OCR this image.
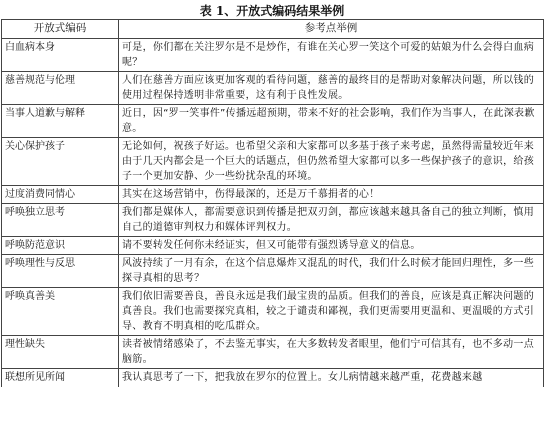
表 1、开放式编码结果举例
开放式编码	参考点举例
白血病本身	可是，你们都在关注罗尔是不是炒作，有谁在关心罗一笑这个可爱的姑娘为什么会得白血病呢？
慈善规范与伦理	人们在慈善方面应该更加客观的看待问题，慈善的最终目的是帮助对象解决问题，所以钱的使用过程保持透明非常重要，这有利于良性发展。
当事人道歉与解释	近日，因“罗一笑事件”传播远超预期，带来不好的社会影响，我们作为当事人，在此深表歉意。
关心保护孩子	无论如何，祝孩子好运。也希望父亲和大家都可以多基于孩子来考虑，虽然得需量较近年来由于几天内都会是一个巨大的话题点，但仍然希望大家都可以多一些保护孩子的意识，给孩子一个更加安静、少一些纷扰杂乱的环境。
过度消费同情心	其实在这场营销中，伤得最深的，还是万千慕捐者的心！
呼唤独立思考	我们都是媒体人，都需要意识到传播是把双刃剑，都应该越来越具备自己的独立判断，慎用自己的道德审判权力和媒体评判权力。
呼唤防范意识	请不要转发任何你未经证实，但又可能带有强烈诱导意义的信息。
呼唤理性与反思	风波持续了一月有余，在这个信息爆炸又混乱的时代，我们什么时候才能回归理性，多一些探寻真相的思考？
呼唤真善美	我们依旧需要善良，善良永远是我们最宝贵的品质。但我们的善良，应该是真正解决问题的真善良。我们也需要探究真相，较之于谴责和鄙视，我们更需要用更温和、更温暖的方式引导、教育不明真相的吃瓜群众。
理性缺失	读者被情绪感染了，不去鉴无事实，在大多数转发者眼里，他们宁可信其有，也不多动一点脑筋。
联想所见所闻	我认真思考了一下，把我放在罗尔的位置上。女儿病情越来越严重，花费越来越
